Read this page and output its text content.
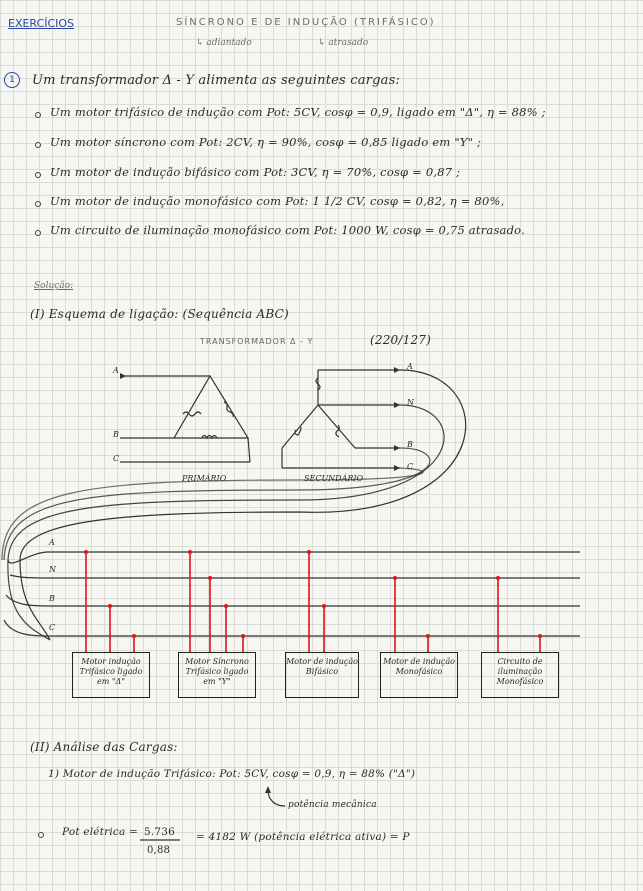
EXERCÍCIOS	SÍNCRONO E DE INDUÇÃO (TRIFÁSICO)
↳ adiantado	↳ atrasado
1	Um transformador Δ - Y alimenta as seguintes cargas:
Um motor trifásico de indução com Pot: 5CV, cosφ = 0,9, ligado em "Δ", η = 88% ;
Um motor síncrono com Pot: 2CV, η = 90%, cosφ = 0,85 ligado em "Y" ;
Um motor de indução bifásico com Pot: 3CV, η = 70%, cosφ = 0,87 ;
Um motor de indução monofásico com Pot: 1 1/2 CV, cosφ = 0,82, η = 80%,
Um circuito de iluminação monofásico com Pot: 1000 W, cosφ = 0,75 atrasado.
Solução:
(I) Esquema de ligação: (Sequência ABC)
TRANSFORMADOR Δ - Y	(220/127)
A
B
C
PRIMÁRIO	SECUNDÁRIO
A
N
B
C
A
N
B
C
Motor indução Trifásico ligado em "Δ"
Motor Síncrono Trifásico ligado em "Y"
Motor de indução Bifásico
Motor de indução Monofásico
Circuito de iluminação Monofásico
(II) Análise das Cargas:
1) Motor de indução Trifásico: Pot: 5CV, cosφ = 0,9, η = 88% ("Δ")
potência mecânica
Pot elétrica = 5.736
0,88
= 4182 W (potência elétrica ativa) = P
